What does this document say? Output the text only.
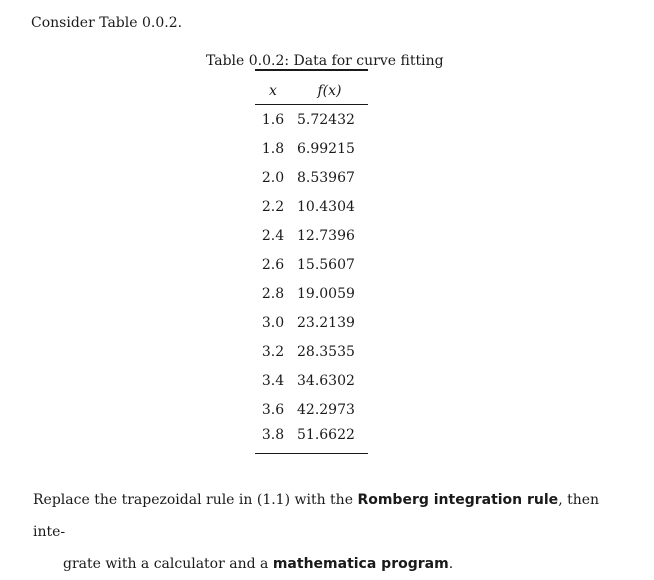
Consider Table 0.0.2.
Table 0.0.2: Data for curve fitting
x	f(x)
1.6	5.72432
1.8	6.99215
2.0	8.53967
2.2	10.4304
2.4	12.7396
2.6	15.5607
2.8	19.0059
3.0	23.2139
3.2	28.3535
3.4	34.6302
3.6	42.2973
3.8	51.6622
Replace the trapezoidal rule in (1.1) with the Romberg integration rule, then inte-
grate with a calculator and a mathematica program.
